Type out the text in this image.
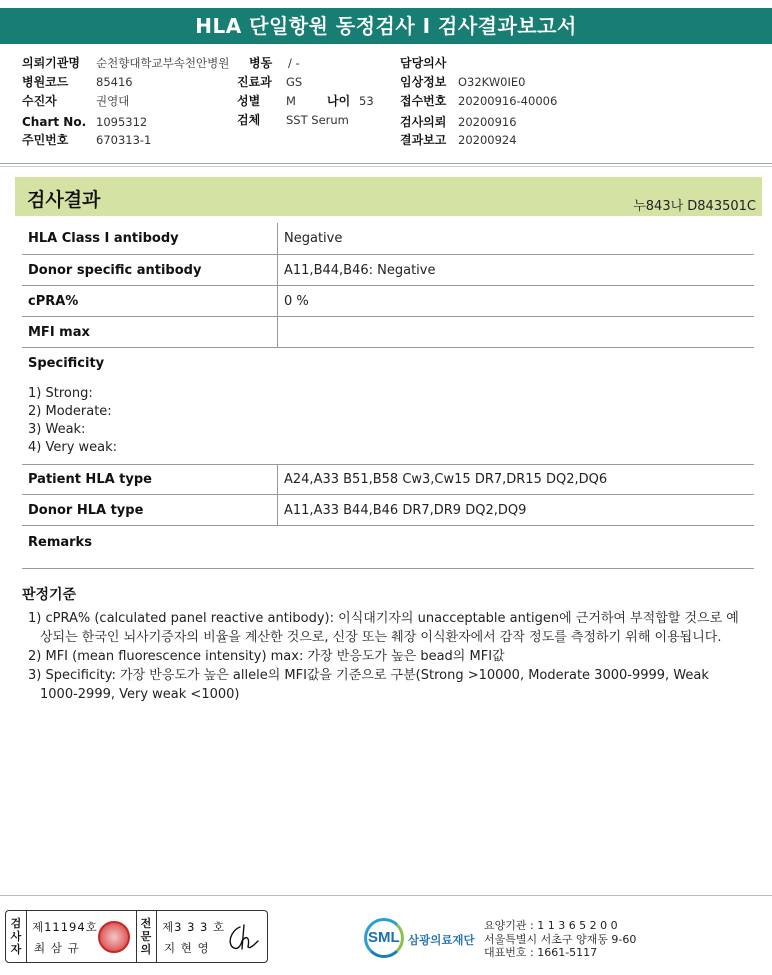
HLA 단일항원 동정검사 I 검사결과보고서
의뢰기관명 순천향대학교부속천안병원 병동 / -	담당의사
병원코드 85416	진료과 GS	임상정보 O32KW0IE0
수진자	권영대	성별 M	나이 53 접수번호 20200916-40006
Chart No. 1095312	검체 SST Serum	검사의뢰 20200916
주민번호 670313-1	결과보고 20200924
검사결과	누843나 D843501C
HLA Class Ⅰ antibody	Negative
Donor specific antibody	A11,B44,B46: Negative
cPRA%	0 %
MFI max
Specificity
1) Strong:
2) Moderate:
3) Weak:
4) Very weak:
Patient HLA type	A24,A33 B51,B58 Cw3,Cw15 DR7,DR15 DQ2,DQ6
Donor HLA type	A11,A33 B44,B46 DR7,DR9 DQ2,DQ9
Remarks
판정기준
1) cPRA% (calculated panel reactive antibody): 이식대기자의 unacceptable antigen에 근거하여 부적합할 것으로 예상되는 한국인 뇌사기증자의 비율을 계산한 것으로, 신장 또는 췌장 이식환자에서 감작 정도를 측정하기 위해 이용됩니다.
2) MFI (mean fluorescence intensity) max: 가장 반응도가 높은 bead의 MFI값
3) Specificity: 가장 반응도가 높은 allele의 MFI값을 기준으로 구분(Strong >10000, Moderate 3000-9999, Weak 1000-2999, Very weak <1000)
검사자
제11194호
최 삼 규
전문의
제3 3 3 호
지 현 영
SML 삼광의료재단
요양기관 : 1 1 3 6 5 2 0 0
서울특별시 서초구 양재동 9-60
대표번호 : 1661-5117
